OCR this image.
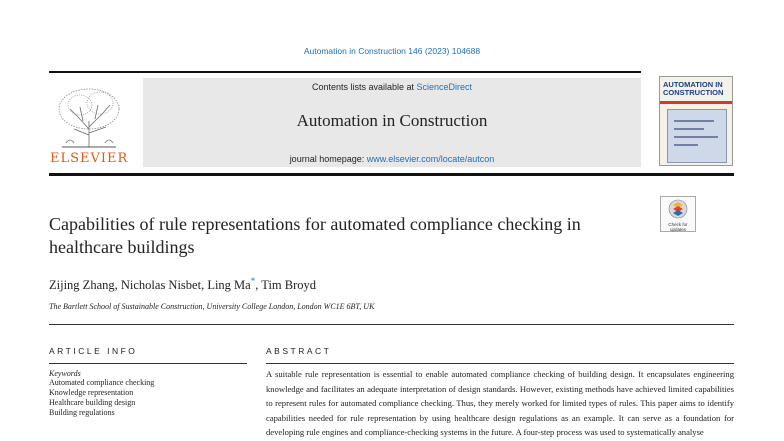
Automation in Construction 146 (2023) 104688
ELSEVIER
Contents lists available at ScienceDirect
Automation in Construction
journal homepage: www.elsevier.com/locate/autcon
AUTOMATION IN CONSTRUCTION
Check for updates
Capabilities of rule representations for automated compliance checking in healthcare buildings
Zijing Zhang, Nicholas Nisbet, Ling Ma*, Tim Broyd
The Bartlett School of Sustainable Construction, University College London, London WC1E 6BT, UK
ARTICLE INFO	ABSTRACT
Keywords
Automated compliance checking
Knowledge representation
Healthcare building design
Building regulations
A suitable rule representation is essential to enable automated compliance checking of building design. It encapsulates engineering knowledge and facilitates an adequate interpretation of design standards. However, existing methods have achieved limited capabilities to represent rules for automated compliance checking. Thus, they merely worked for limited types of rules. This paper aims to identify capabilities needed for rule representation by using healthcare design regulations as an example. It can serve as a foundation for developing rule engines and compliance-checking systems in the future. A four-step process was used to systematically analyse
